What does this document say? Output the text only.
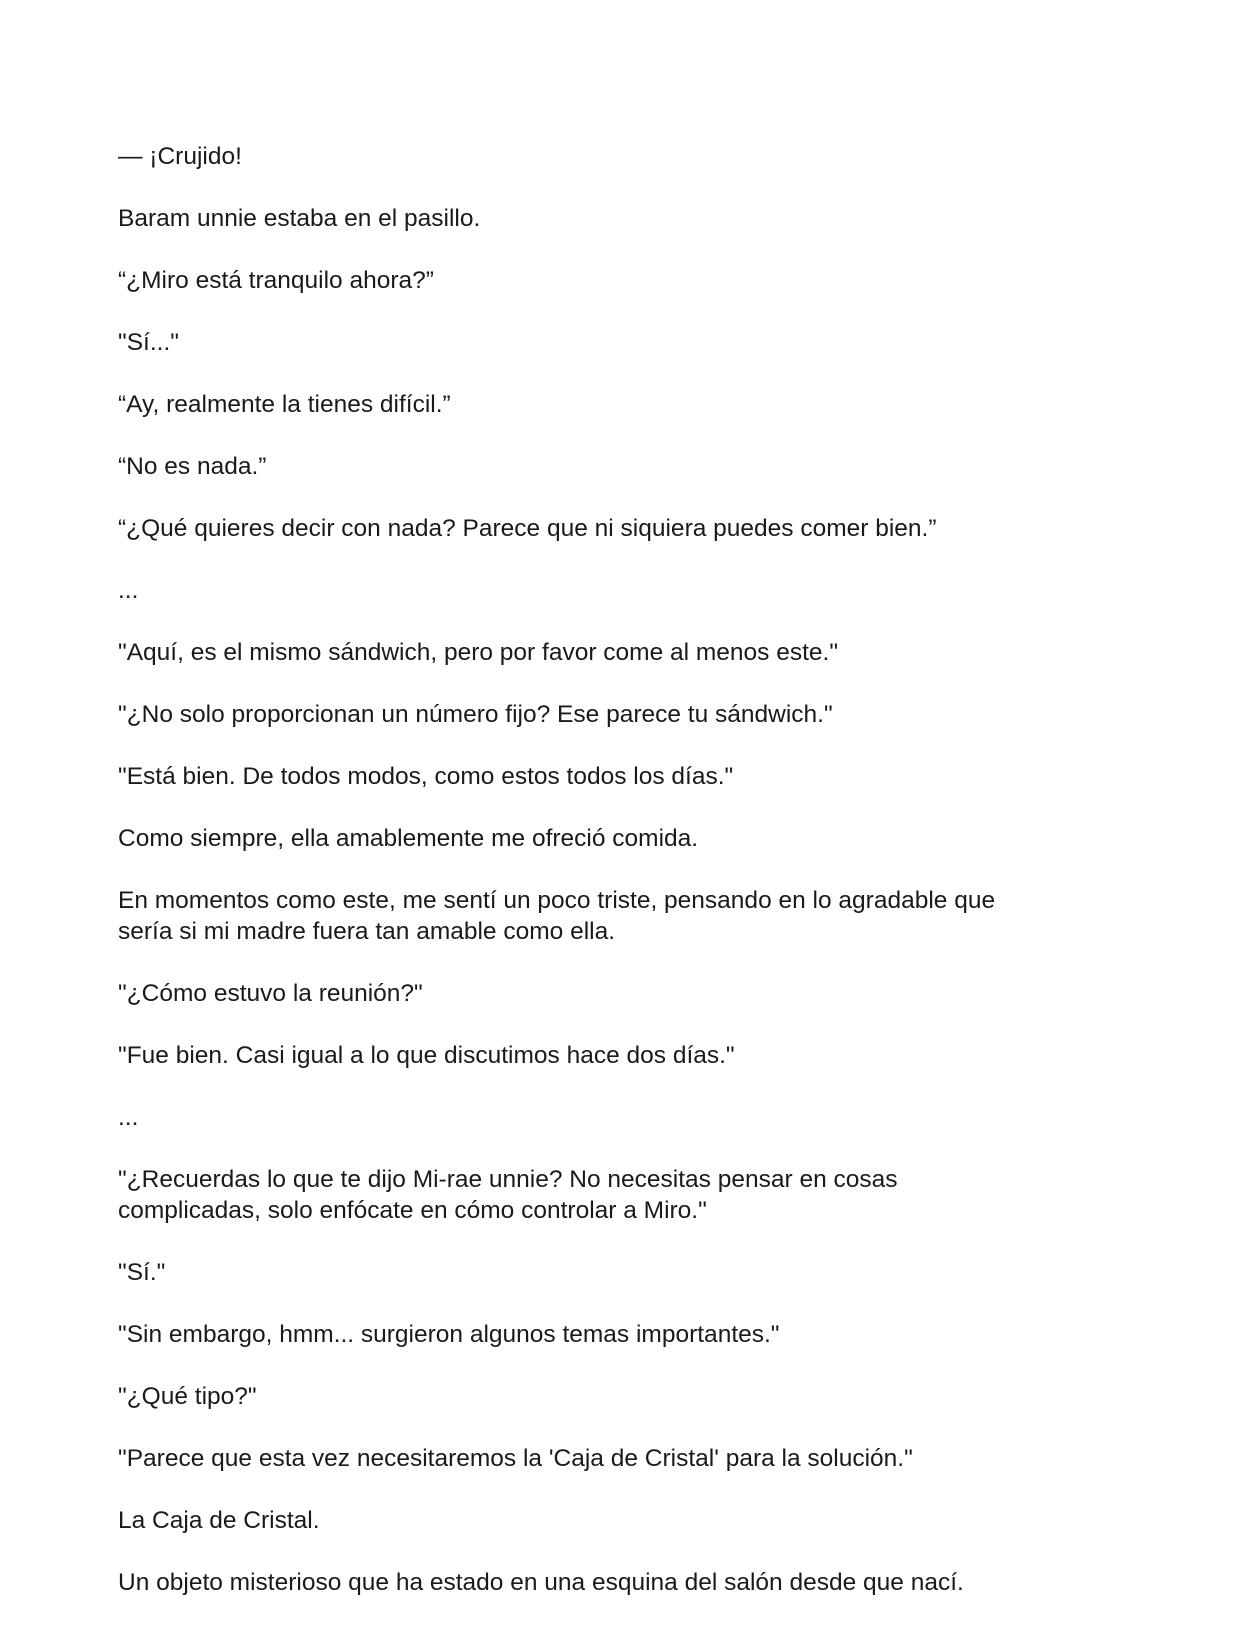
— ¡Crujido!

Baram unnie estaba en el pasillo.

“¿Miro está tranquilo ahora?”

"Sí..."

“Ay, realmente la tienes difícil.”

“No es nada.”

“¿Qué quieres decir con nada? Parece que ni siquiera puedes comer bien.”

...

"Aquí, es el mismo sándwich, pero por favor come al menos este."

"¿No solo proporcionan un número fijo? Ese parece tu sándwich."

"Está bien. De todos modos, como estos todos los días."

Como siempre, ella amablemente me ofreció comida.

En momentos como este, me sentí un poco triste, pensando en lo agradable que
sería si mi madre fuera tan amable como ella.

"¿Cómo estuvo la reunión?"

"Fue bien. Casi igual a lo que discutimos hace dos días."

...

"¿Recuerdas lo que te dijo Mi-rae unnie? No necesitas pensar en cosas
complicadas, solo enfócate en cómo controlar a Miro."

"Sí."

"Sin embargo, hmm... surgieron algunos temas importantes."

"¿Qué tipo?"

"Parece que esta vez necesitaremos la 'Caja de Cristal' para la solución."

La Caja de Cristal.

Un objeto misterioso que ha estado en una esquina del salón desde que nací.
